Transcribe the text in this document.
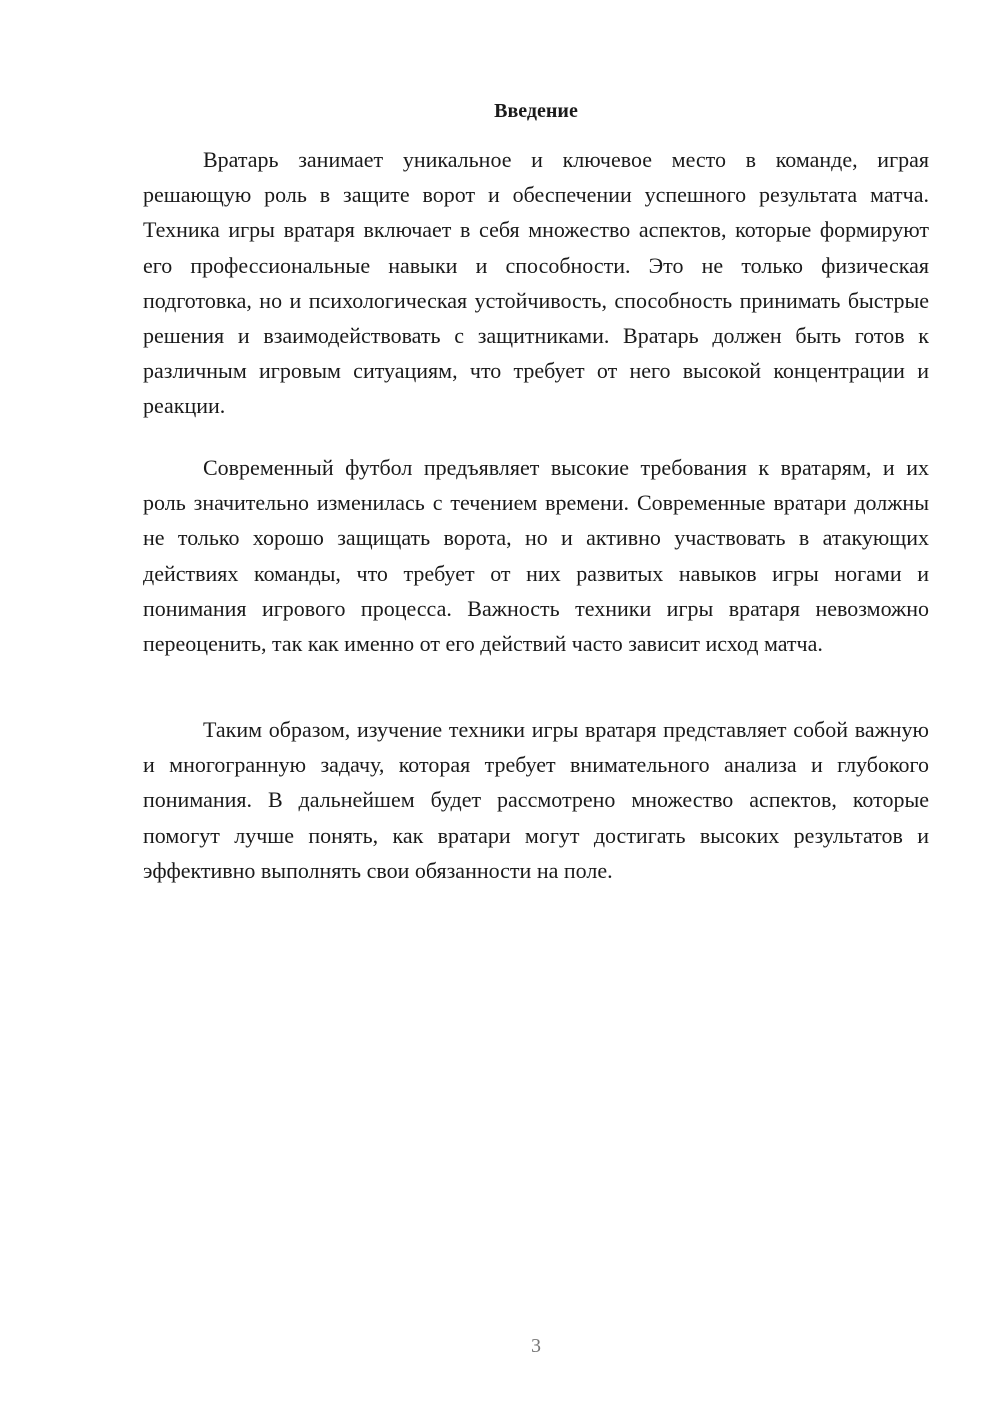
Введение

Вратарь занимает уникальное и ключевое место в команде, играя решающую роль в защите ворот и обеспечении успешного результата матча. Техника игры вратаря включает в себя множество аспектов, которые формируют его профессиональные навыки и способности. Это не только физическая подготовка, но и психологическая устойчивость, способность принимать быстрые решения и взаимодействовать с защитниками. Вратарь должен быть готов к различным игровым ситуациям, что требует от него высокой концентрации и реакции.

Современный футбол предъявляет высокие требования к вратарям, и их роль значительно изменилась с течением времени. Современные вратари должны не только хорошо защищать ворота, но и активно участвовать в атакующих действиях команды, что требует от них развитых навыков игры ногами и понимания игрового процесса. Важность техники игры вратаря невозможно переоценить, так как именно от его действий часто зависит исход матча.

Таким образом, изучение техники игры вратаря представляет собой важную и многогранную задачу, которая требует внимательного анализа и глубокого понимания. В дальнейшем будет рассмотрено множество аспектов, которые помогут лучше понять, как вратари могут достигать высоких результатов и эффективно выполнять свои обязанности на поле.

3
